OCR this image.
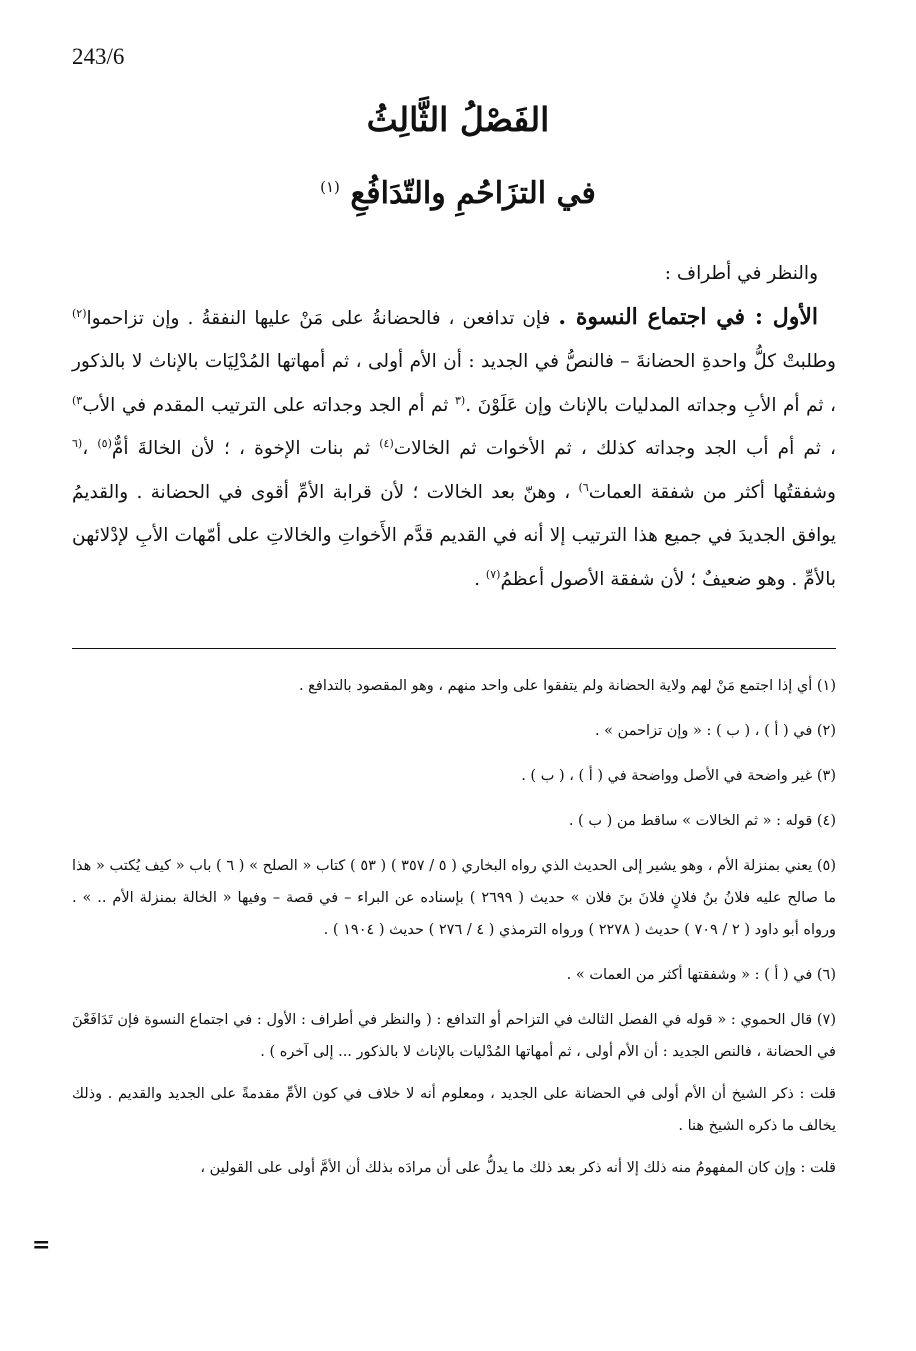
243/6
الفَصْلُ الثَّالِثُ
في التزَاحُمِ والتّدَافُعِ $^{(١)}$

والنظر في أطراف :

الأول : في اجتماع النسوة . فإن تدافعن ، فالحضانةُ على مَنْ عليها النفقةُ . وإن تزاحموا$^{(٢)}$ وطلبتْ كلُّ واحدةِ الحضانةَ – فالنصُّ في الجديد : أن الأم أولى ، ثم أمهاتها المُدْلِيَات بالإناث لا بالذكور ، ثم أم الأبِ وجداته المدليات بالإناث وإن عَلَوْنَ .$^{(٣}$ ثم أم الجد وجداته على الترتيب المقدم في الأب$^{٣)}$ ، ثم أم أب الجد وجداته كذلك ، ثم الأخوات ثم الخالات$^{(٤)}$ ثم بنات الإخوة ، ؛ لأن الخالةَ أمٌّ$^{(٥)}$ ،$^{(٦}$ وشفقتُها أكثر من شفقة العمات$^{٦)}$ ، وهنّ بعد الخالات ؛ لأن قرابة الأمِّ أقوى في الحضانة . والقديمُ يوافق الجديدَ في جميع هذا الترتيب إلا أنه في القديم قدَّم الأَخواتِ والخالاتِ على أمّهات الأبِ لإدْلائهن بالأمِّ . وهو ضعيفٌ ؛ لأن شفقة الأصول أعظمُ$^{(٧)}$ .

(١) أي إذا اجتمع مَنْ لهم ولاية الحضانة ولم يتفقوا على واحد منهم ، وهو المقصود بالتدافع .

(٢) في ( أ ) ، ( ب ) : « وإن تزاحمن » .

(٣) غير واضحة في الأصل وواضحة في ( أ ) ، ( ب ) .

(٤) قوله : « ثم الخالات » ساقط من ( ب ) .

(٥) يعني بمنزلة الأم ، وهو يشير إلى الحديث الذي رواه البخاري ( ٥ / ٣٥٧ ) ( ٥٣ ) كتاب « الصلح » ( ٦ ) باب « كيف يُكتب « هذا ما صالح عليه فلانُ بنُ فلانٍ فلانَ بنَ فلان » حديث ( ٢٦٩٩ ) بإسناده عن البراء – في قصة – وفيها « الخالة بمنزلة الأم .. » . ورواه أبو داود ( ٢ / ٧٠٩ ) حديث ( ٢٢٧٨ ) ورواه الترمذي ( ٤ / ٢٧٦ ) حديث ( ١٩٠٤ ) .

(٦) في ( أ ) : « وشفقتها أكثر من العمات » .

(٧) قال الحموي : « قوله في الفصل الثالث في التزاحم أو التدافع : ( والنظر في أطراف : الأول : في اجتماع النسوة فإن تَدَافَعْنَ في الحضانة ، فالنص الجديد : أن الأم أولى ، ثم أمهاتها المُدْليات بالإناث لا بالذكور ... إلى آخره ) .

قلت : ذكر الشيخ أن الأم أولى في الحضانة على الجديد ، ومعلوم أنه لا خلاف في كون الأمِّ مقدمةً على الجديد والقديم . وذلك يخالف ما ذكره الشيخ هنا .

قلت : وإن كان المفهومُ منه ذلك إلا أنه ذكر بعد ذلك ما يدلُّ على أن مرادَه بذلك أن الأمَّ أولى على القولين ،

=
